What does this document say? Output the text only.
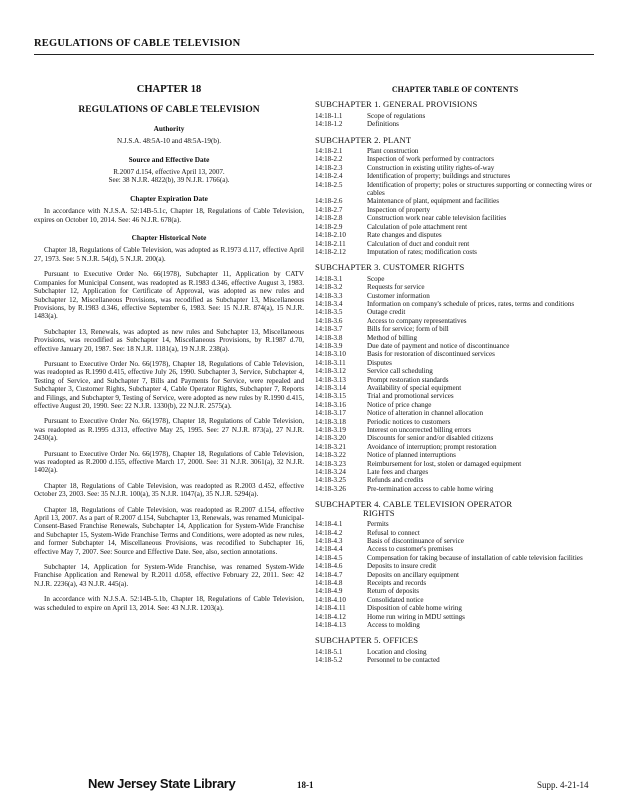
REGULATIONS OF CABLE TELEVISION
CHAPTER 18
REGULATIONS OF CABLE TELEVISION
Authority
N.J.S.A. 48:5A-10 and 48:5A-19(b).
Source and Effective Date
R.2007 d.154, effective April 13, 2007.
See: 38 N.J.R. 4822(b), 39 N.J.R. 1766(a).
Chapter Expiration Date
In accordance with N.J.S.A. 52:14B-5.1c, Chapter 18, Regulations of Cable Television, expires on October 10, 2014. See: 46 N.J.R. 678(a).
Chapter Historical Note
Chapter 18, Regulations of Cable Television, was adopted as R.1973 d.117, effective April 27, 1973. See: 5 N.J.R. 54(d), 5 N.J.R. 200(a).
Pursuant to Executive Order No. 66(1978), Subchapter 11, Application by CATV Companies for Municipal Consent, was readopted as R.1983 d.346, effective August 3, 1983. Subchapter 12, Application for Certificate of Approval, was adopted as new rules and Subchapter 12, Miscellaneous Provisions, was recodified as Subchapter 13, Miscellaneous Provisions, by R.1983 d.346, effective September 6, 1983. See: 15 N.J.R. 874(a), 15 N.J.R. 1483(a).
Subchapter 13, Renewals, was adopted as new rules and Subchapter 13, Miscellaneous Provisions, was recodified as Subchapter 14, Miscellaneous Provisions, by R.1987 d.70, effective January 20, 1987. See: 18 N.J.R. 1181(a), 19 N.J.R. 238(a).
Pursuant to Executive Order No. 66(1978), Chapter 18, Regulations of Cable Television, was readopted as R.1990 d.415, effective July 26, 1990. Subchapter 3, Service, Subchapter 4, Testing of Service, and Subchapter 7, Bills and Payments for Service, were repealed and Subchapter 3, Customer Rights, Subchapter 4, Cable Operator Rights, Subchapter 7, Reports and Filings, and Subchapter 9, Testing of Service, were adopted as new rules by R.1990 d.415, effective August 20, 1990. See: 22 N.J.R. 1330(b), 22 N.J.R. 2575(a).
Pursuant to Executive Order No. 66(1978), Chapter 18, Regulations of Cable Television, was readopted as R.1995 d.313, effective May 25, 1995. See: 27 N.J.R. 873(a), 27 N.J.R. 2430(a).
Pursuant to Executive Order No. 66(1978), Chapter 18, Regulations of Cable Television, was readopted as R.2000 d.155, effective March 17, 2000. See: 31 N.J.R. 3061(a), 32 N.J.R. 1402(a).
Chapter 18, Regulations of Cable Television, was readopted as R.2003 d.452, effective October 23, 2003. See: 35 N.J.R. 100(a), 35 N.J.R. 1047(a), 35 N.J.R. 5294(a).
Chapter 18, Regulations of Cable Television, was readopted as R.2007 d.154, effective April 13, 2007. As a part of R.2007 d.154, Subchapter 13, Renewals, was renamed Municipal-Consent-Based Franchise Renewals, Subchapter 14, Application for System-Wide Franchise and Subchapter 15, System-Wide Franchise Terms and Conditions, were adopted as new rules, and former Subchapter 14, Miscellaneous Provisions, was recodified to Subchapter 16, effective May 7, 2007. See: Source and Effective Date. See, also, section annotations.
Subchapter 14, Application for System-Wide Franchise, was renamed System-Wide Franchise Application and Renewal by R.2011 d.058, effective February 22, 2011. See: 42 N.J.R. 2236(a), 43 N.J.R. 445(a).
In accordance with N.J.S.A. 52:14B-5.1b, Chapter 18, Regulations of Cable Television, was scheduled to expire on April 13, 2014. See: 43 N.J.R. 1203(a).
CHAPTER TABLE OF CONTENTS
SUBCHAPTER 1. GENERAL PROVISIONS
14:18-1.1	Scope of regulations
14:18-1.2	Definitions
SUBCHAPTER 2. PLANT
14:18-2.1	Plant construction
14:18-2.2	Inspection of work performed by contractors
14:18-2.3	Construction in existing utility rights-of-way
14:18-2.4	Identification of property; buildings and structures
14:18-2.5	Identification of property; poles or structures supporting or connecting wires or cables
14:18-2.6	Maintenance of plant, equipment and facilities
14:18-2.7	Inspection of property
14:18-2.8	Construction work near cable television facilities
14:18-2.9	Calculation of pole attachment rent
14:18-2.10	Rate changes and disputes
14:18-2.11	Calculation of duct and conduit rent
14:18-2.12	Imputation of rates; modification costs
SUBCHAPTER 3. CUSTOMER RIGHTS
14:18-3.1	Scope
14:18-3.2	Requests for service
14:18-3.3	Customer information
14:18-3.4	Information on company's schedule of prices, rates, terms and conditions
14:18-3.5	Outage credit
14:18-3.6	Access to company representatives
14:18-3.7	Bills for service; form of bill
14:18-3.8	Method of billing
14:18-3.9	Due date of payment and notice of discontinuance
14:18-3.10	Basis for restoration of discontinued services
14:18-3.11	Disputes
14:18-3.12	Service call scheduling
14:18-3.13	Prompt restoration standards
14:18-3.14	Availability of special equipment
14:18-3.15	Trial and promotional services
14:18-3.16	Notice of price change
14:18-3.17	Notice of alteration in channel allocation
14:18-3.18	Periodic notices to customers
14:18-3.19	Interest on uncorrected billing errors
14:18-3.20	Discounts for senior and/or disabled citizens
14:18-3.21	Avoidance of interruption; prompt restoration
14:18-3.22	Notice of planned interruptions
14:18-3.23	Reimbursement for lost, stolen or damaged equipment
14:18-3.24	Late fees and charges
14:18-3.25	Refunds and credits
14:18-3.26	Pre-termination access to cable home wiring
SUBCHAPTER 4. CABLE TELEVISION OPERATOR
RIGHTS
14:18-4.1	Permits
14:18-4.2	Refusal to connect
14:18-4.3	Basis of discontinuance of service
14:18-4.4	Access to customer's premises
14:18-4.5	Compensation for taking because of installation of cable television facilities
14:18-4.6	Deposits to insure credit
14:18-4.7	Deposits on ancillary equipment
14:18-4.8	Receipts and records
14:18-4.9	Return of deposits
14:18-4.10	Consolidated notice
14:18-4.11	Disposition of cable home wiring
14:18-4.12	Home run wiring in MDU settings
14:18-4.13	Access to molding
SUBCHAPTER 5. OFFICES
14:18-5.1	Location and closing
14:18-5.2	Personnel to be contacted
New Jersey State Library	18-1	Supp. 4-21-14
